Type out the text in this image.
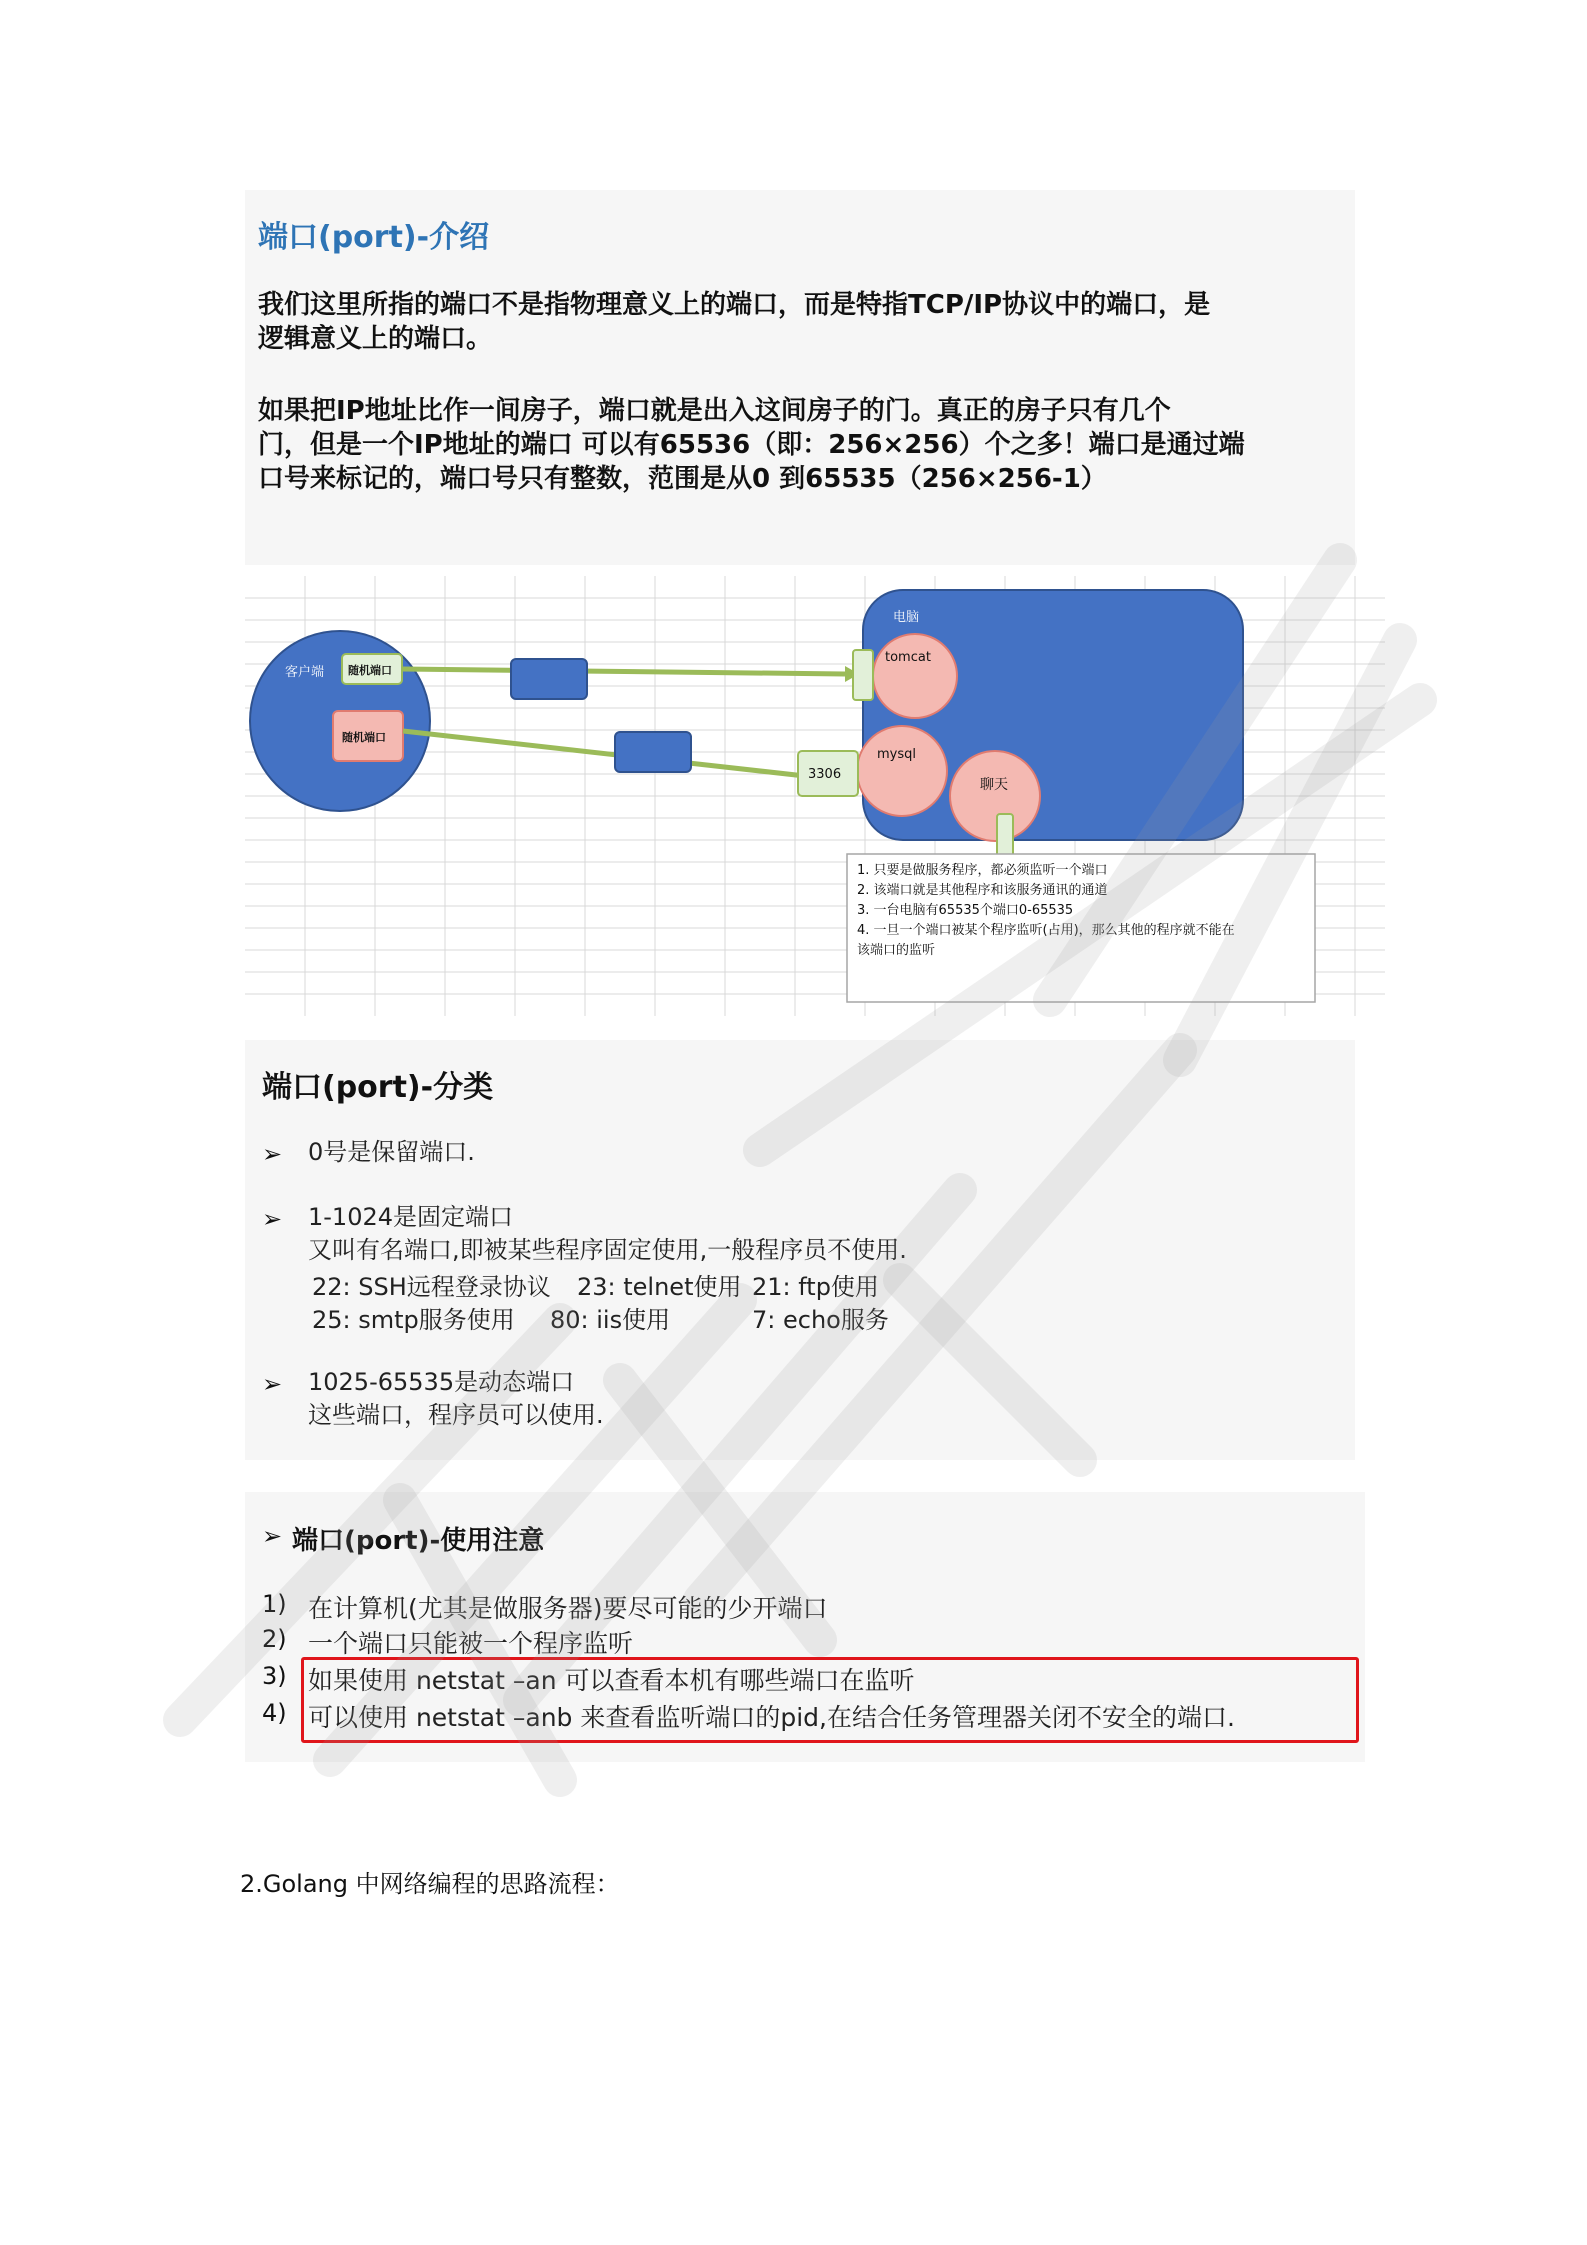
端口(port)-介绍
我们这里所指的端口不是指物理意义上的端口，而是特指TCP/IP协议中的端口，是
逻辑意义上的端口。
如果把IP地址比作一间房子，端口就是出入这间房子的门。真正的房子只有几个
门，但是一个IP地址的端口 可以有65536（即：256×256）个之多！端口是通过端
口号来标记的，端口号只有整数，范围是从0 到65535（256×256-1）
客户端 随机端口
随机端口
电脑
tomcat
mysql
3306
聊天
1. 只要是做服务程序，都必须监听一个端口
2. 该端口就是其他程序和该服务通讯的通道
3. 一台电脑有65535个端口0-65535
4. 一旦一个端口被某个程序监听(占用)，那么其他的程序就不能在
该端口的监听
端口(port)-分类
➢ 0号是保留端口.
➢ 1-1024是固定端口
又叫有名端口,即被某些程序固定使用,一般程序员不使用.
22: SSH远程登录协议 23: telnet使用 21: ftp使用
25: smtp服务使用 80: iis使用	7: echo服务
➢ 1025-65535是动态端口
这些端口，程序员可以使用.
➢ 端口(port)-使用注意
1) 在计算机(尤其是做服务器)要尽可能的少开端口
2) 一个端口只能被一个程序监听
3) 如果使用 netstat –an 可以查看本机有哪些端口在监听
4) 可以使用 netstat –anb 来查看监听端口的pid,在结合任务管理器关闭不安全的端口.
2.Golang 中网络编程的思路流程：
